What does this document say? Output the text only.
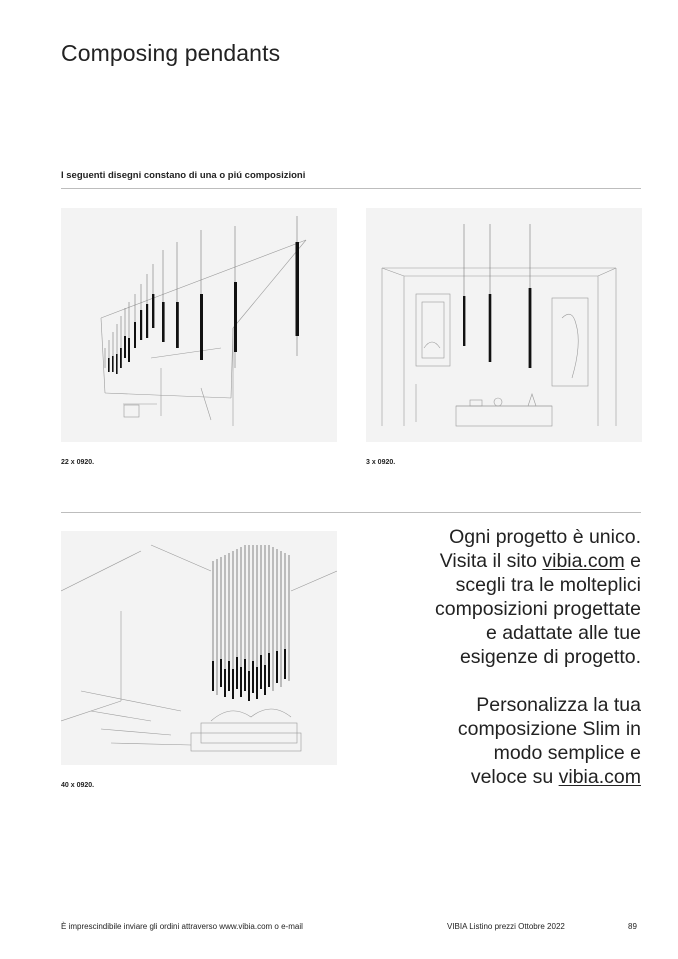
Composing pendants
I seguenti disegni constano di una o piú composizioni
22 x 0920.	3 x 0920.
40 x 0920.

Ogni progetto è unico.

Visita il sito vibia.com e

scegli tra le molteplici

composizioni progettate

e adattate alle tue

esigenze di progetto.

Personalizza la tua

composizione Slim in

modo semplice e

veloce su vibia.com

È imprescindibile inviare gli ordini attraverso www.vibia.com o e-mail	VIBIA Listino prezzi Ottobre 2022	89
